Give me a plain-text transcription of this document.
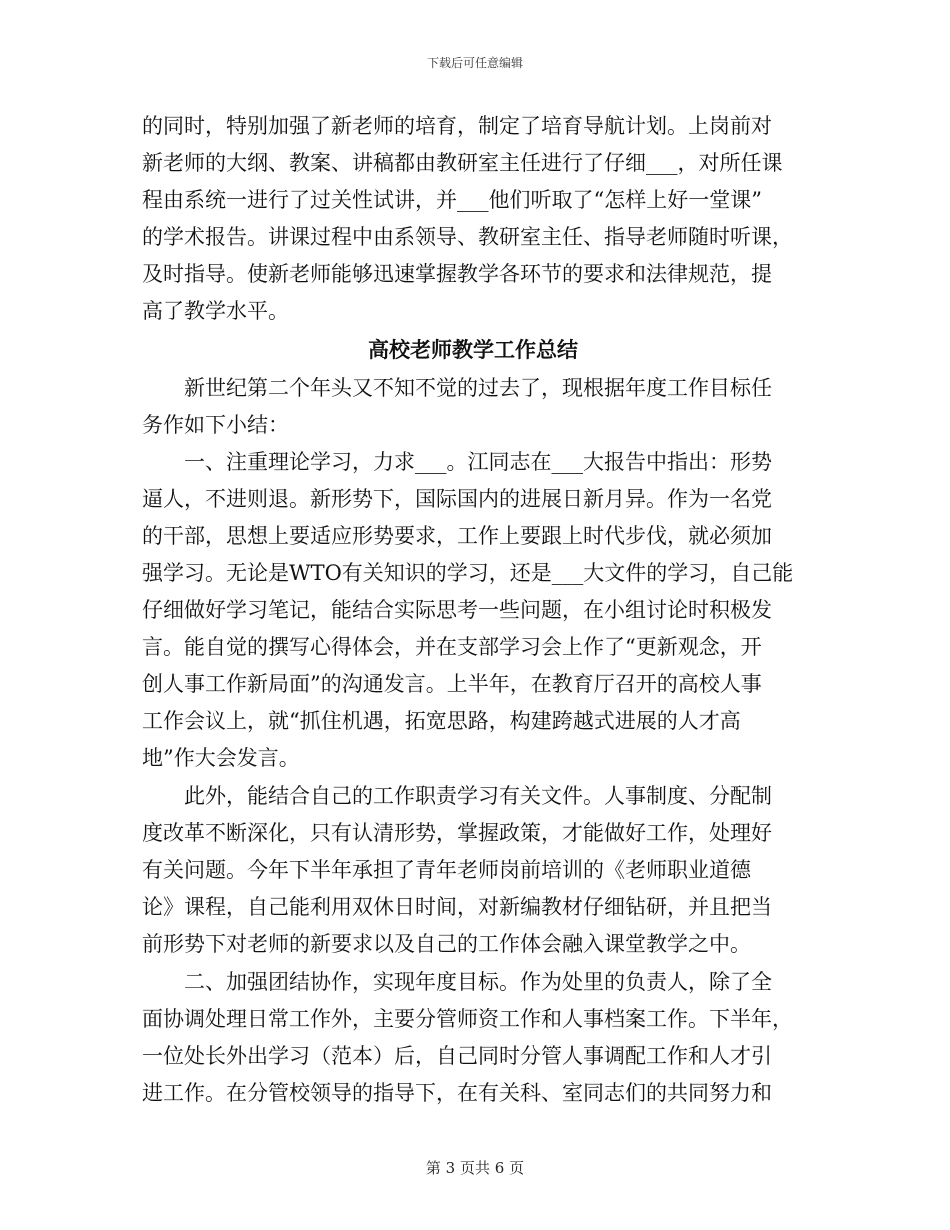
下载后可任意编辑
的同时，特别加强了新老师的培育，制定了培育导航计划。上岗前对
新老师的大纲、教案、讲稿都由教研室主任进行了仔细___，对所任课
程由系统一进行了过关性试讲，并___他们听取了“怎样上好一堂课”
的学术报告。讲课过程中由系领导、教研室主任、指导老师随时听课，
及时指导。使新老师能够迅速掌握教学各环节的要求和法律规范，提
高了教学水平。
高校老师教学工作总结
　　新世纪第二个年头又不知不觉的过去了，现根据年度工作目标任
务作如下小结：
　　一、注重理论学习，力求___。江同志在___大报告中指出：形势
逼人，不进则退。新形势下，国际国内的进展日新月异。作为一名党
的干部，思想上要适应形势要求，工作上要跟上时代步伐，就必须加
强学习。无论是WTO有关知识的学习，还是___大文件的学习，自己能
仔细做好学习笔记，能结合实际思考一些问题，在小组讨论时积极发
言。能自觉的撰写心得体会，并在支部学习会上作了“更新观念，开
创人事工作新局面”的沟通发言。上半年，在教育厅召开的高校人事
工作会议上，就“抓住机遇，拓宽思路，构建跨越式进展的人才高
地”作大会发言。
　　此外，能结合自己的工作职责学习有关文件。人事制度、分配制
度改革不断深化，只有认清形势，掌握政策，才能做好工作，处理好
有关问题。今年下半年承担了青年老师岗前培训的《老师职业道德
论》课程，自己能利用双休日时间，对新编教材仔细钻研，并且把当
前形势下对老师的新要求以及自己的工作体会融入课堂教学之中。
　　二、加强团结协作，实现年度目标。作为处里的负责人，除了全
面协调处理日常工作外，主要分管师资工作和人事档案工作。下半年，
一位处长外出学习（范本）后，自己同时分管人事调配工作和人才引
进工作。在分管校领导的指导下，在有关科、室同志们的共同努力和
第 3 页共 6 页
